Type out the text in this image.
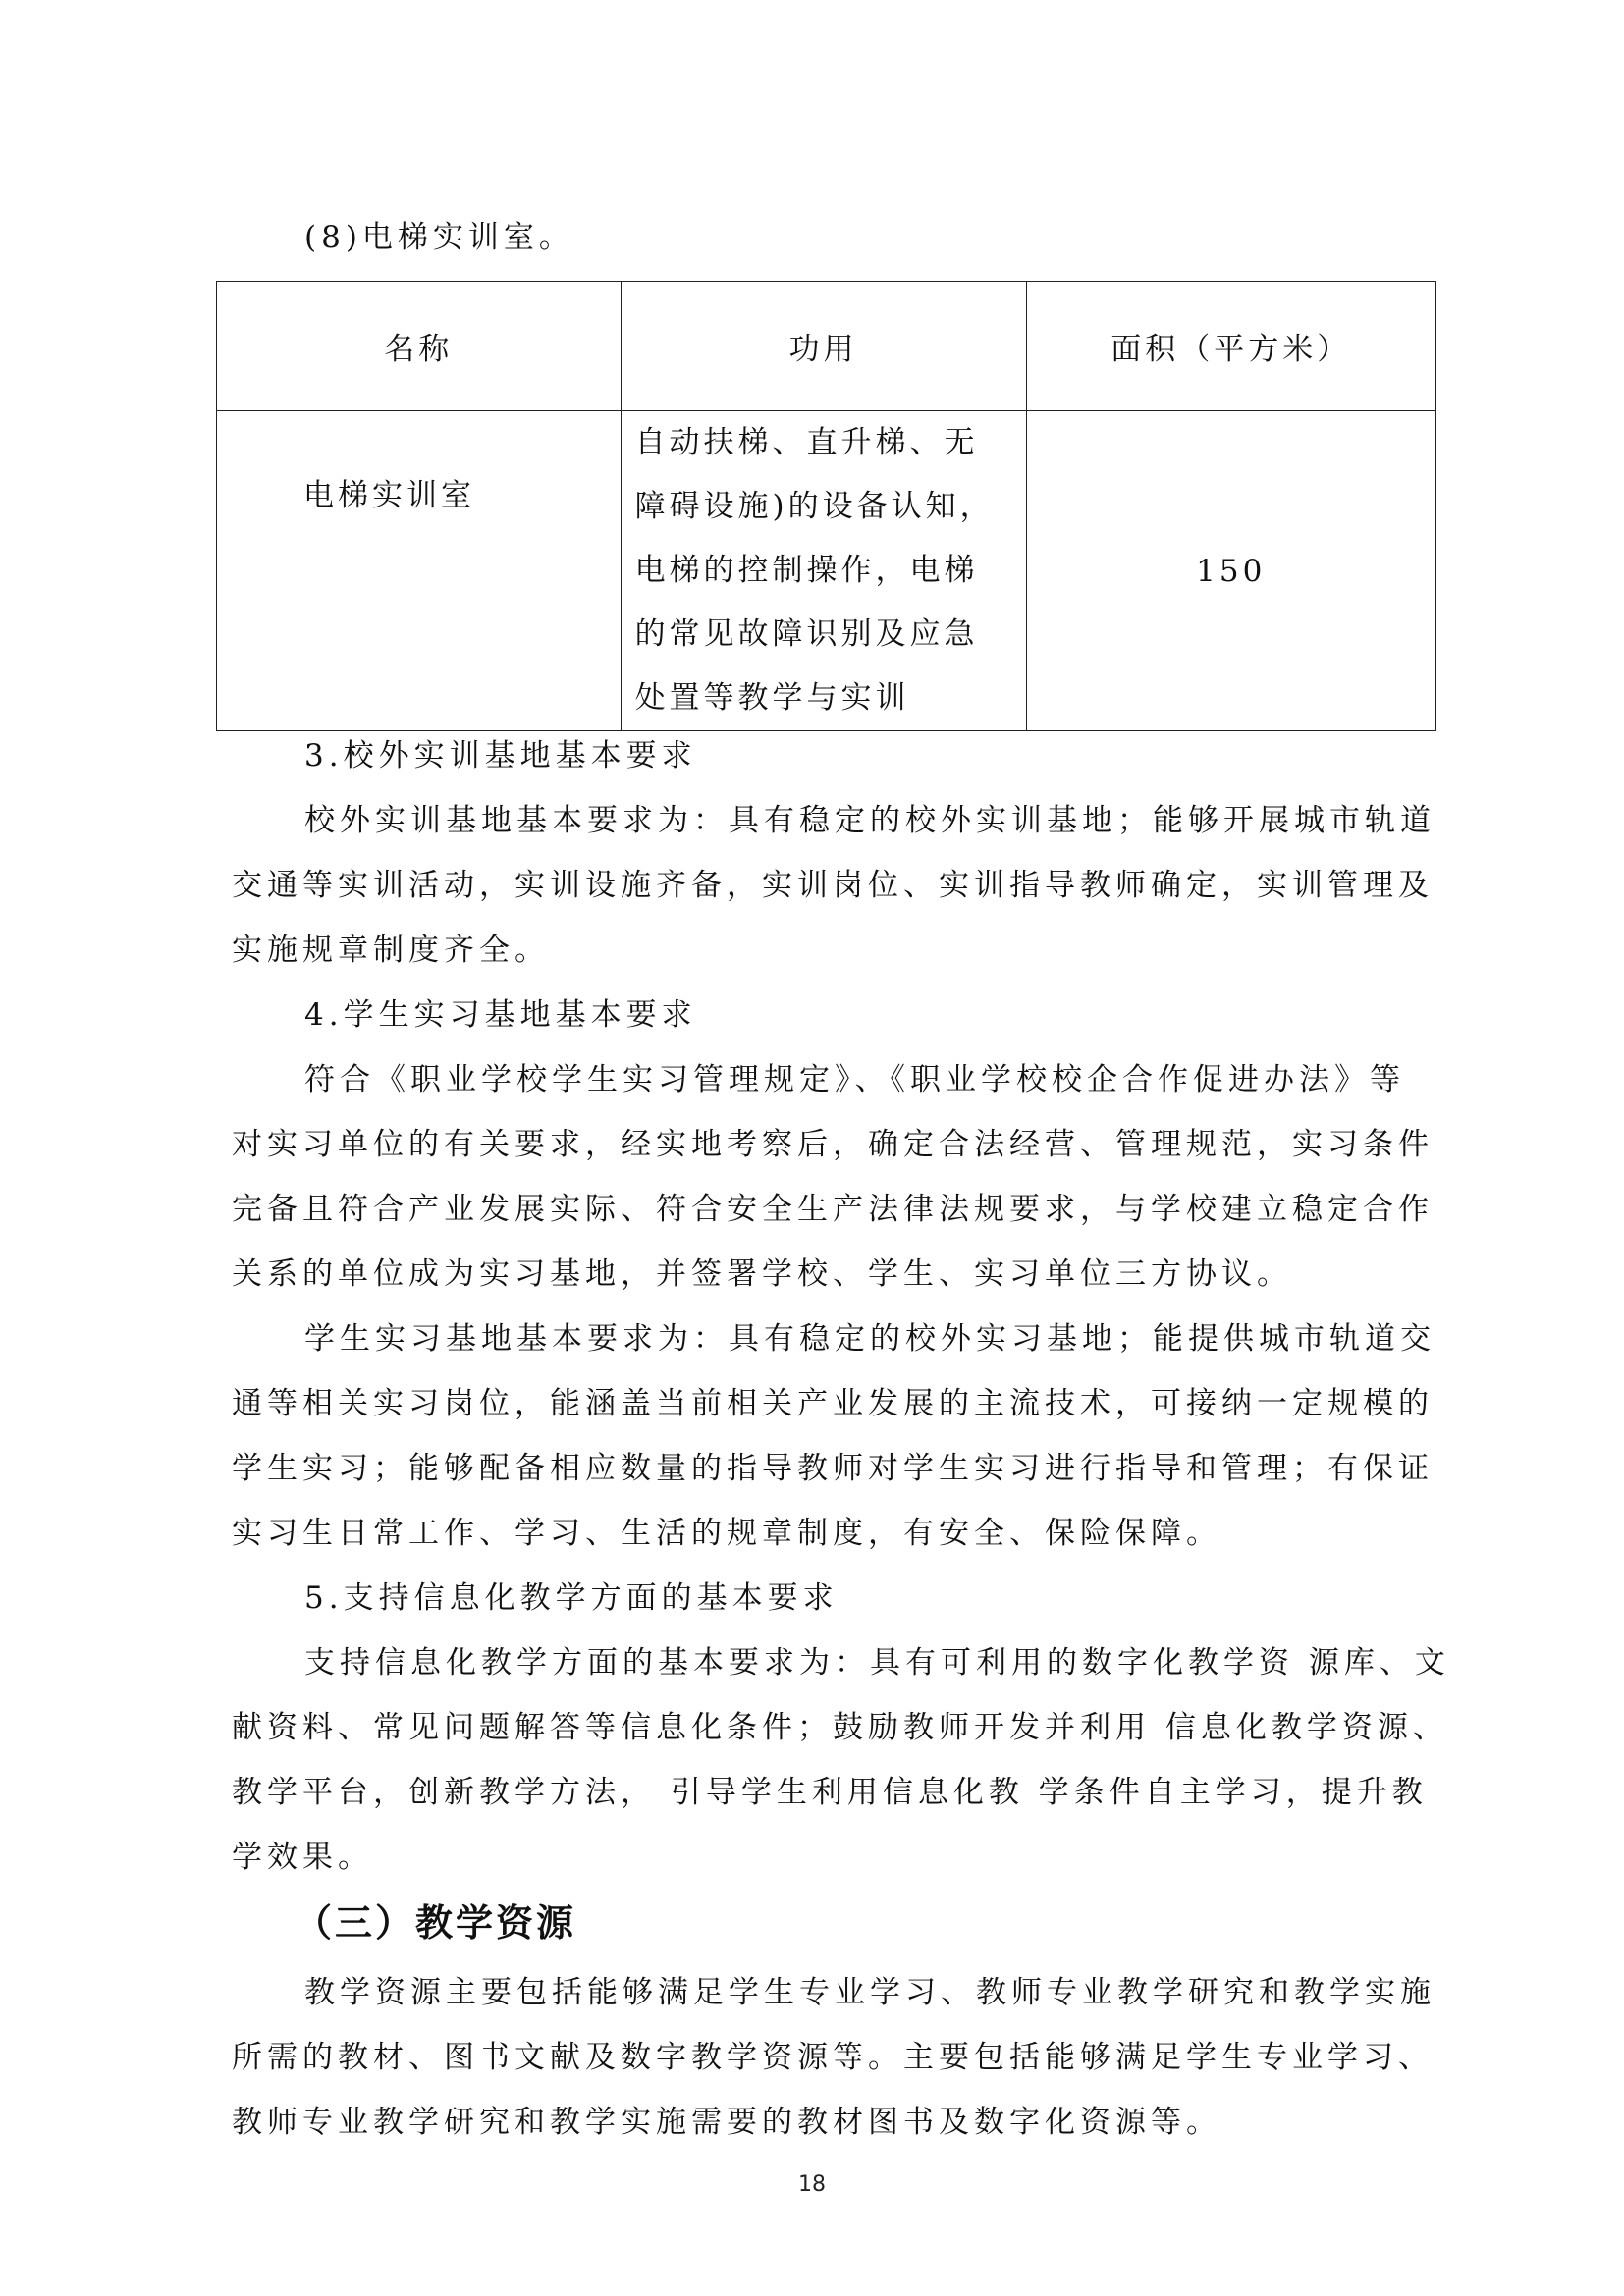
(8)电梯实训室。
名称	功用	面积（平方米）
电梯实训室	自动扶梯、直升梯、无
障碍设施)的设备认知，
电梯的控制操作，电梯
的常见故障识别及应急
处置等教学与实训	150
3.校外实训基地基本要求
校外实训基地基本要求为：具有稳定的校外实训基地；能够开展城市轨道
交通等实训活动，实训设施齐备，实训岗位、实训指导教师确定，实训管理及
实施规章制度齐全。
4.学生实习基地基本要求
符合《职业学校学生实习管理规定》、《职业学校校企合作促进办法》等
对实习单位的有关要求，经实地考察后，确定合法经营、管理规范，实习条件
完备且符合产业发展实际、符合安全生产法律法规要求，与学校建立稳定合作
关系的单位成为实习基地，并签署学校、学生、实习单位三方协议。
学生实习基地基本要求为：具有稳定的校外实习基地；能提供城市轨道交
通等相关实习岗位，能涵盖当前相关产业发展的主流技术，可接纳一定规模的
学生实习；能够配备相应数量的指导教师对学生实习进行指导和管理；有保证
实习生日常工作、学习、生活的规章制度，有安全、保险保障。
5.支持信息化教学方面的基本要求
支持信息化教学方面的基本要求为：具有可利用的数字化教学资 源库、文
献资料、常见问题解答等信息化条件；鼓励教师开发并利用 信息化教学资源、
教学平台，创新教学方法， 引导学生利用信息化教 学条件自主学习，提升教
学效果。
（三）教学资源
教学资源主要包括能够满足学生专业学习、教师专业教学研究和教学实施
所需的教材、图书文献及数字教学资源等。主要包括能够满足学生专业学习、
教师专业教学研究和教学实施需要的教材图书及数字化资源等。
18
